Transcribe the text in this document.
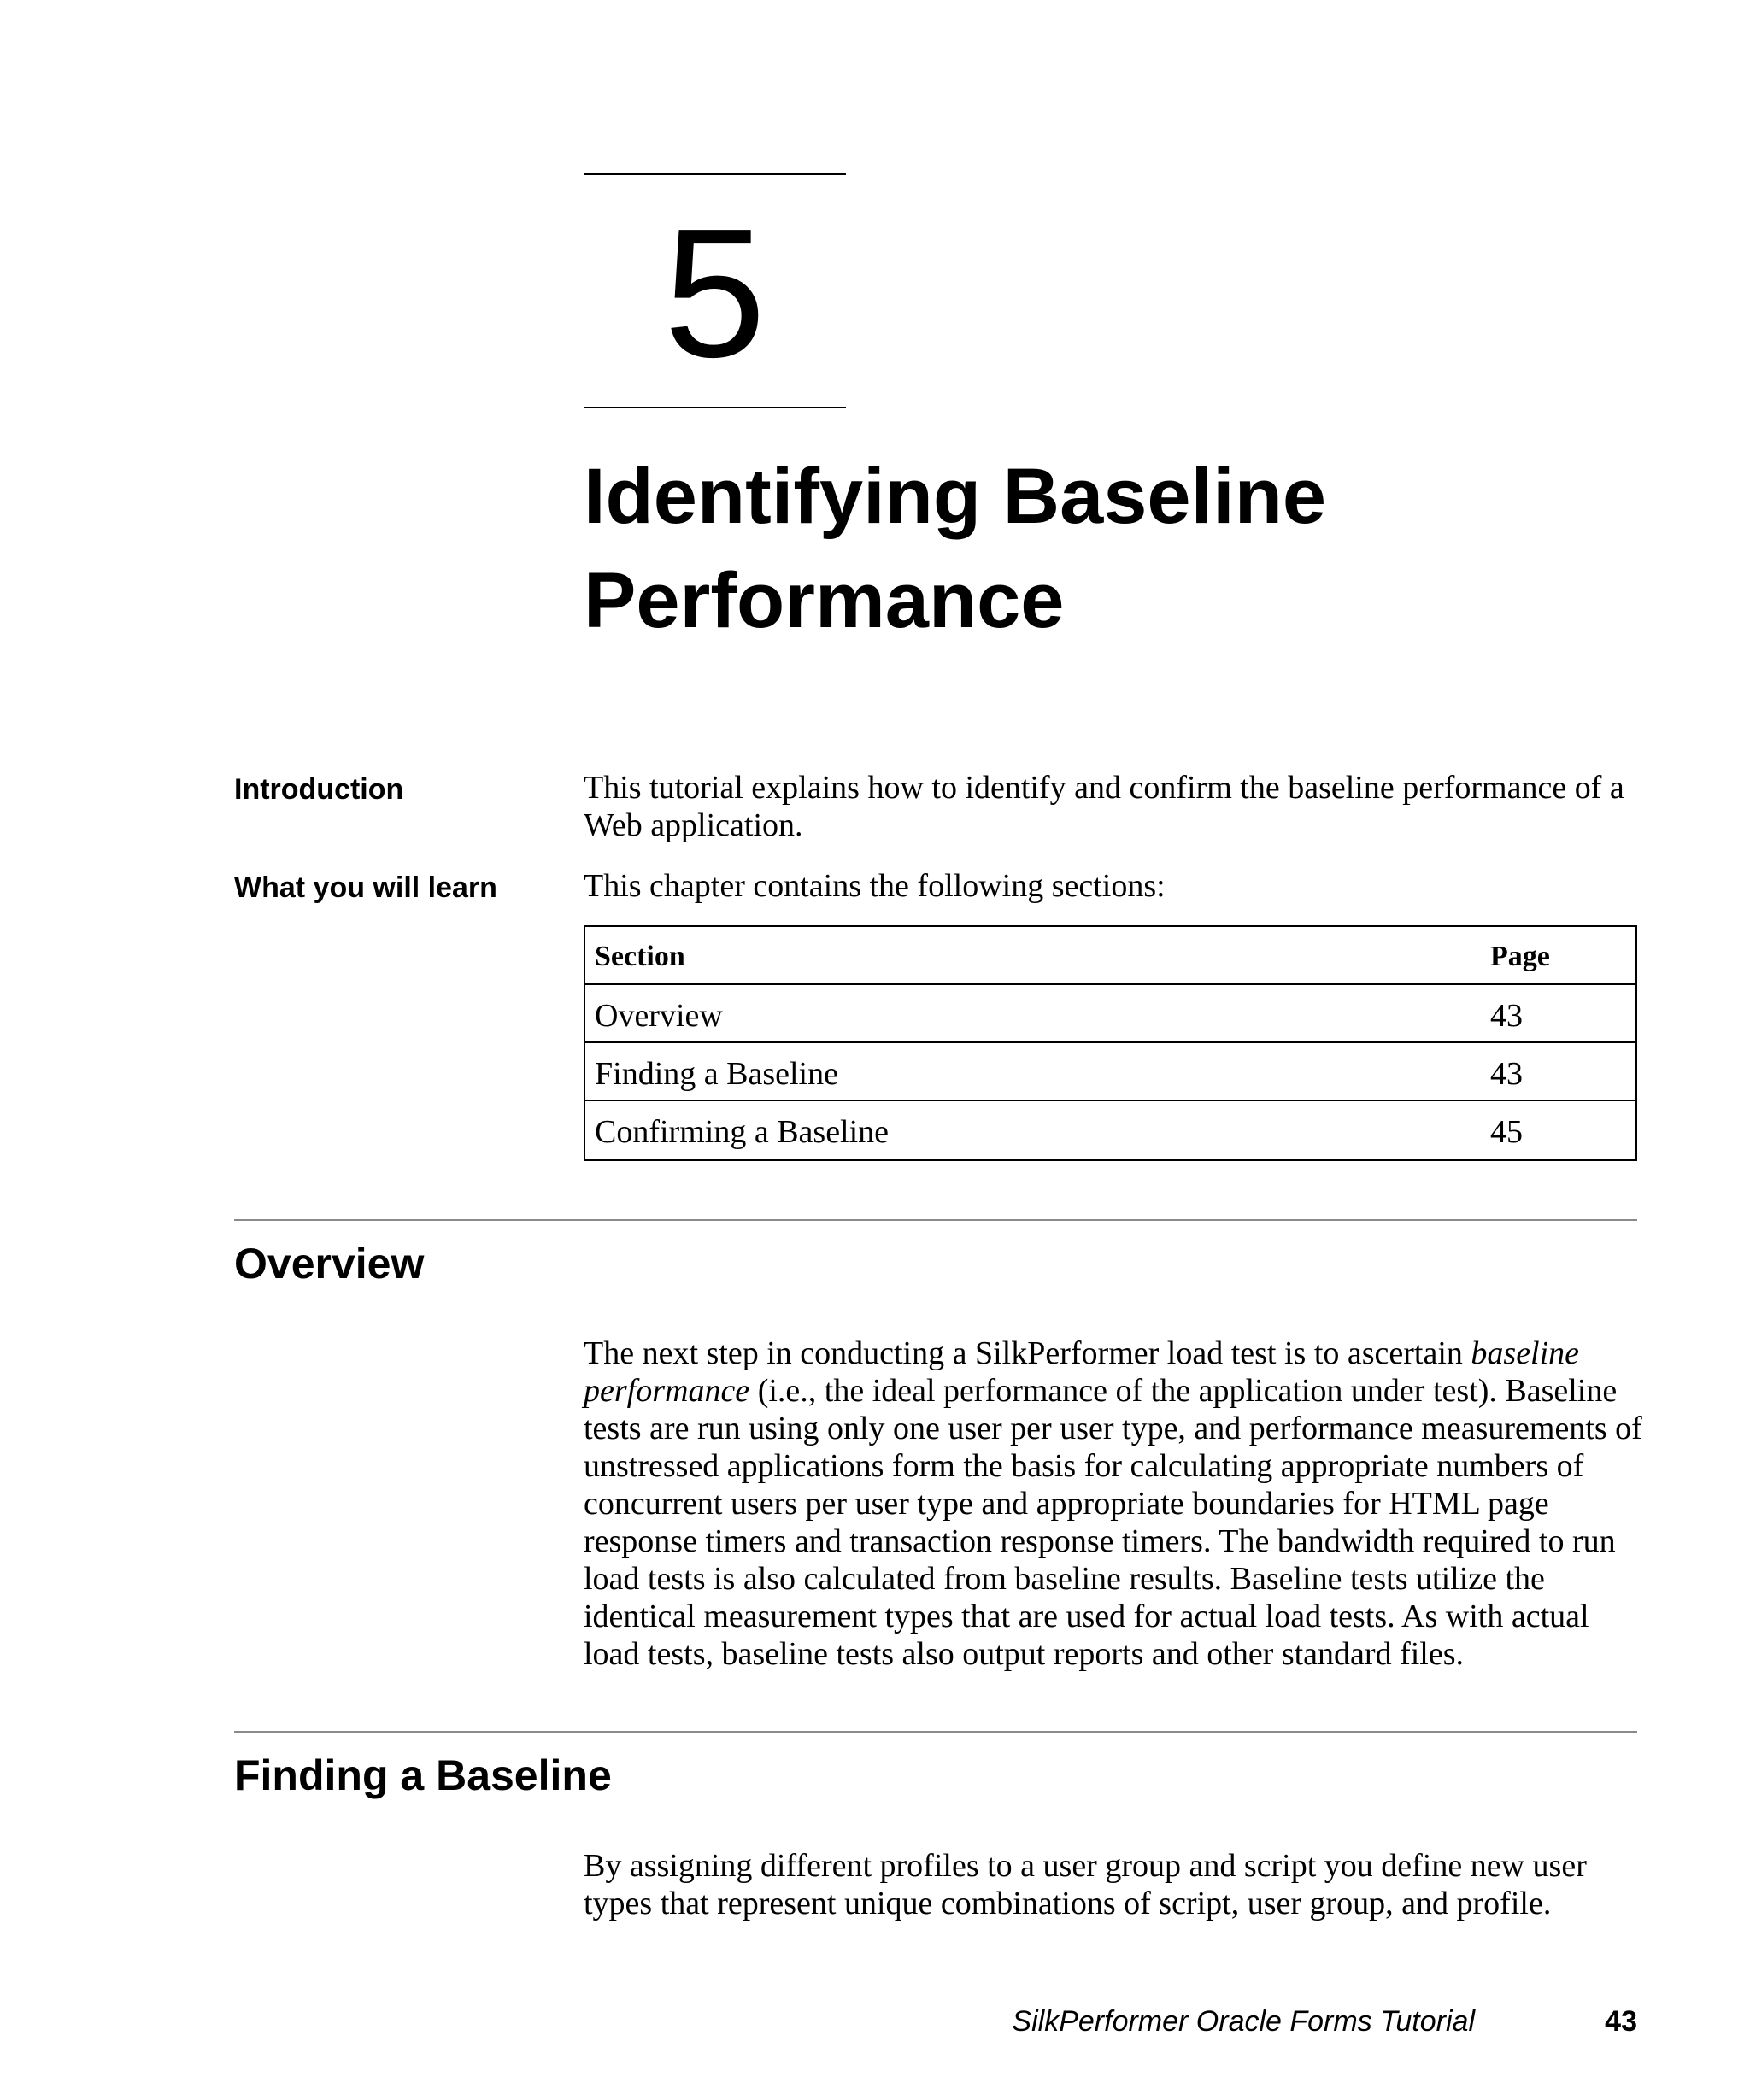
5
Identifying Baseline
Performance
Introduction	This tutorial explains how to identify and confirm the baseline performance of a Web application.
What you will learn	This chapter contains the following sections:
Section	Page
Overview	43
Finding a Baseline	43
Confirming a Baseline	45
Overview
The next step in conducting a SilkPerformer load test is to ascertain baseline performance (i.e., the ideal performance of the application under test). Baseline tests are run using only one user per user type, and performance measurements of unstressed applications form the basis for calculating appropriate numbers of concurrent users per user type and appropriate boundaries for HTML page response timers and transaction response timers. The bandwidth required to run load tests is also calculated from baseline results. Baseline tests utilize the identical measurement types that are used for actual load tests. As with actual load tests, baseline tests also output reports and other standard files.
Finding a Baseline
By assigning different profiles to a user group and script you define new user types that represent unique combinations of script, user group, and profile.
SilkPerformer Oracle Forms Tutorial	43
